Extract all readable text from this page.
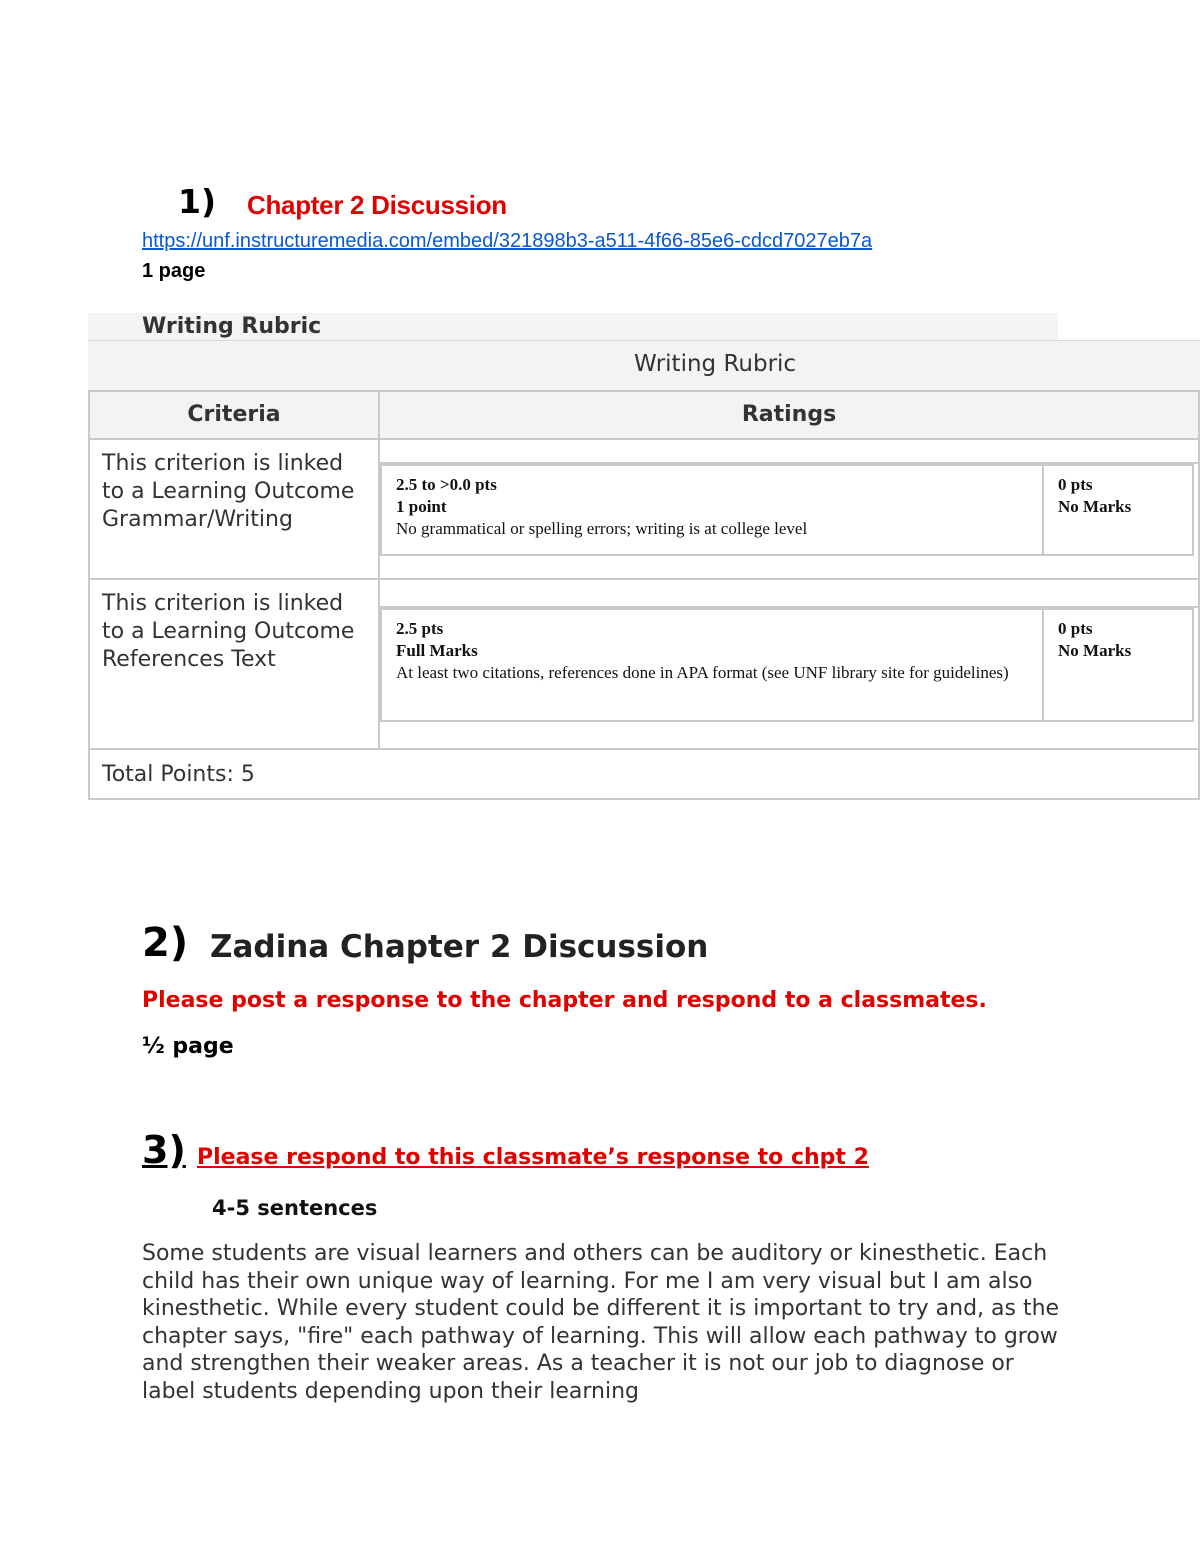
1) Chapter 2 Discussion
https://unf.instructuremedia.com/embed/321898b3-a511-4f66-85e6-cdcd7027eb7a
1 page
Writing Rubric
Writing Rubric
Criteria	Ratings
This criterion is linked to a Learning Outcome Grammar/Writing
2.5 to >0.0 pts
1 point
No grammatical or spelling errors; writing is at college level
0 pts
No Marks
This criterion is linked to a Learning Outcome References Text
2.5 pts
Full Marks
At least two citations, references done in APA format (see UNF library site for guidelines)
0 pts
No Marks
Total Points: 5
2) Zadina Chapter 2 Discussion
Please post a response to the chapter and respond to a classmates.
½ page
3) Please respond to this classmate’s response to chpt 2
4-5 sentences
Some students are visual learners and others can be auditory or kinesthetic. Each child has their own unique way of learning. For me I am very visual but I am also kinesthetic. While every student could be different it is important to try and, as the chapter says, "fire" each pathway of learning. This will allow each pathway to grow and strengthen their weaker areas. As a teacher it is not our job to diagnose or label students depending upon their learning
